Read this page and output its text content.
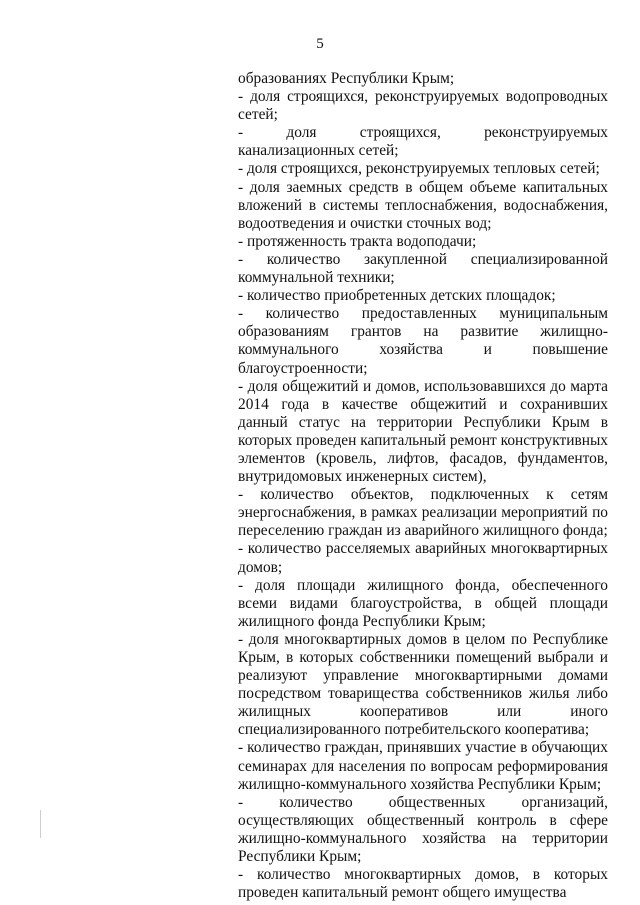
5

образованиях Республики Крым;

- доля строящихся, реконструируемых водопроводных сетей;

- доля строящихся, реконструируемых канализационных сетей;

- доля строящихся, реконструируемых тепловых сетей;

- доля заемных средств в общем объеме капитальных вложений в системы теплоснабжения, водоснабжения, водоотведения и очистки сточных вод;

- протяженность тракта водоподачи;

- количество закупленной специализированной коммунальной техники;

- количество приобретенных детских площадок;

- количество предоставленных муниципальным образованиям грантов на развитие жилищно-коммунального хозяйства и повышение благоустроенности;

- доля общежитий и домов, использовавшихся до марта 2014 года в качестве общежитий и сохранивших данный статус на территории Республики Крым в которых проведен капитальный ремонт конструктивных элементов (кровель, лифтов, фасадов, фундаментов, внутридомовых инженерных систем),

- количество объектов, подключенных к сетям энергоснабжения, в рамках реализации мероприятий по переселению граждан из аварийного жилищного фонда;

- количество расселяемых аварийных многоквартирных домов;

- доля площади жилищного фонда, обеспеченного всеми видами благоустройства, в общей площади жилищного фонда Республики Крым;

- доля многоквартирных домов в целом по Республике Крым, в которых собственники помещений выбрали и реализуют управление многоквартирными домами посредством товарищества собственников жилья либо жилищных кооперативов или иного специализированного потребительского кооператива;

- количество граждан, принявших участие в обучающих семинарах для населения по вопросам реформирования жилищно-коммунального хозяйства Республики Крым;

- количество общественных организаций, осуществляющих общественный контроль в сфере жилищно-коммунального хозяйства на территории Республики Крым;

- количество многоквартирных домов, в которых проведен капитальный ремонт общего имущества
